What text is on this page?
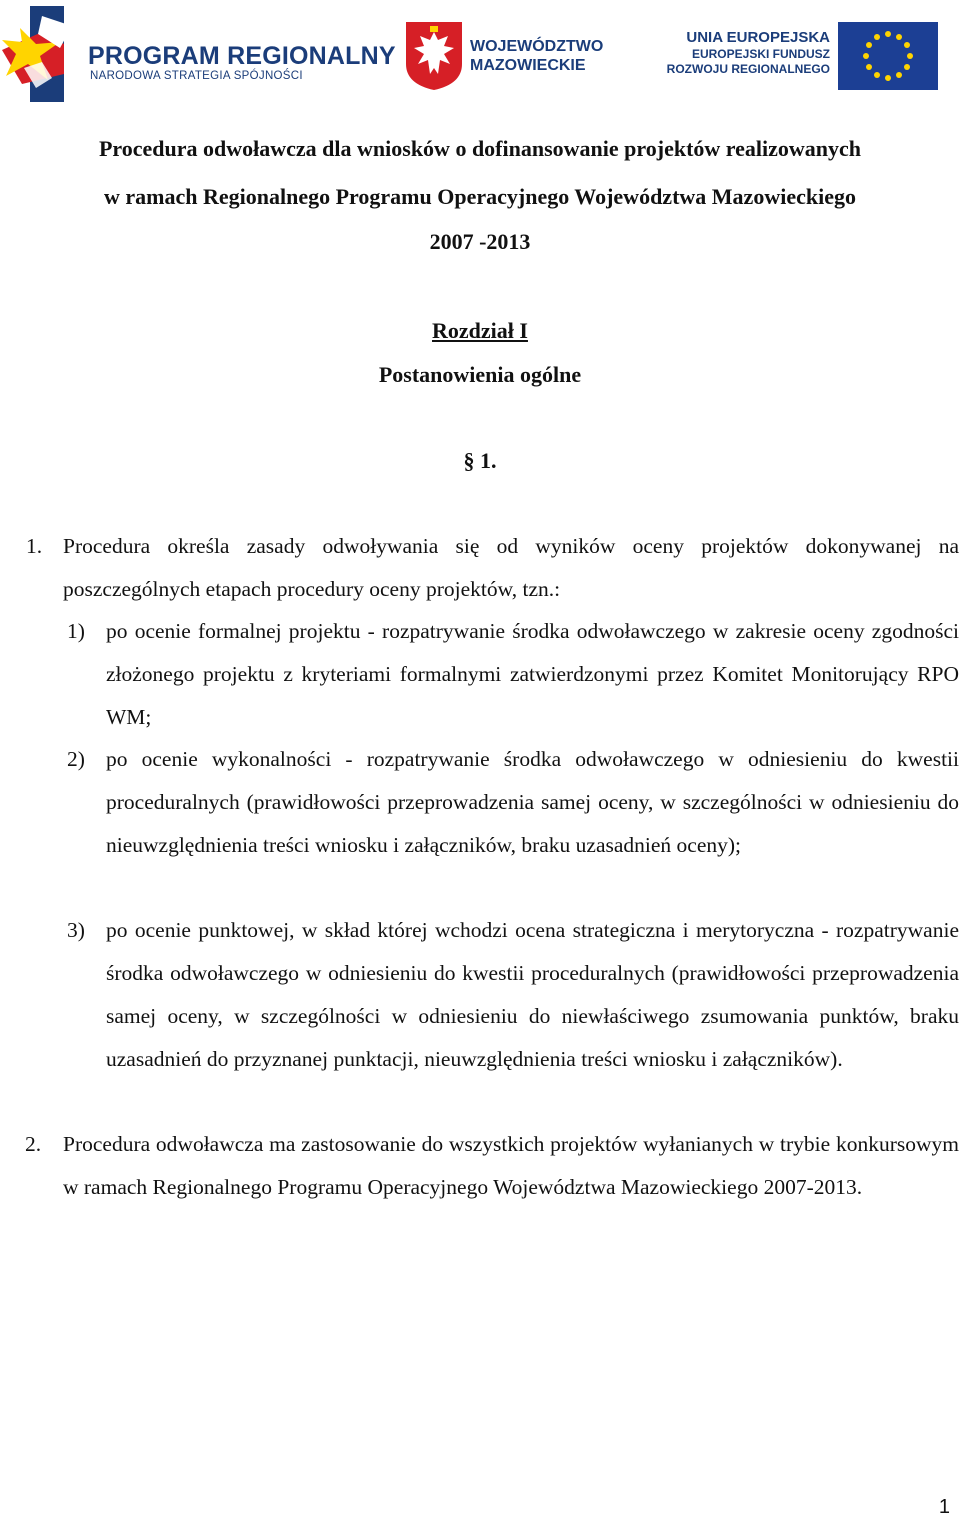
PROGRAM REGIONALNY
NARODOWA STRATEGIA SPÓJNOŚCI
WOJEWÓDZTWO
MAZOWIECKIE
UNIA EUROPEJSKA
EUROPEJSKI FUNDUSZ
ROZWOJU REGIONALNEGO
Procedura odwoławcza dla wniosków o dofinansowanie projektów realizowanych
w ramach Regionalnego Programu Operacyjnego Województwa Mazowieckiego
2007 -2013
Rozdział I
Postanowienia ogólne
§ 1.
1. Procedura określa zasady odwoływania się od wyników oceny projektów dokonywanej na poszczególnych etapach procedury oceny projektów, tzn.:
1) po ocenie formalnej projektu - rozpatrywanie środka odwoławczego w zakresie oceny zgodności złożonego projektu z kryteriami formalnymi zatwierdzonymi przez Komitet Monitorujący RPO WM;
2) po ocenie wykonalności - rozpatrywanie środka odwoławczego w odniesieniu do kwestii proceduralnych (prawidłowości przeprowadzenia samej oceny, w szczególności w odniesieniu do nieuwzględnienia treści wniosku i załączników, braku uzasadnień oceny);
3) po ocenie punktowej, w skład której wchodzi ocena strategiczna i merytoryczna - rozpatrywanie środka odwoławczego w odniesieniu do kwestii proceduralnych (prawidłowości przeprowadzenia samej oceny, w szczególności w odniesieniu do niewłaściwego zsumowania punktów, braku uzasadnień do przyznanej punktacji, nieuwzględnienia treści wniosku i załączników).
2. Procedura odwoławcza ma zastosowanie do wszystkich projektów wyłanianych w trybie konkursowym w ramach Regionalnego Programu Operacyjnego Województwa Mazowieckiego 2007-2013.
1
